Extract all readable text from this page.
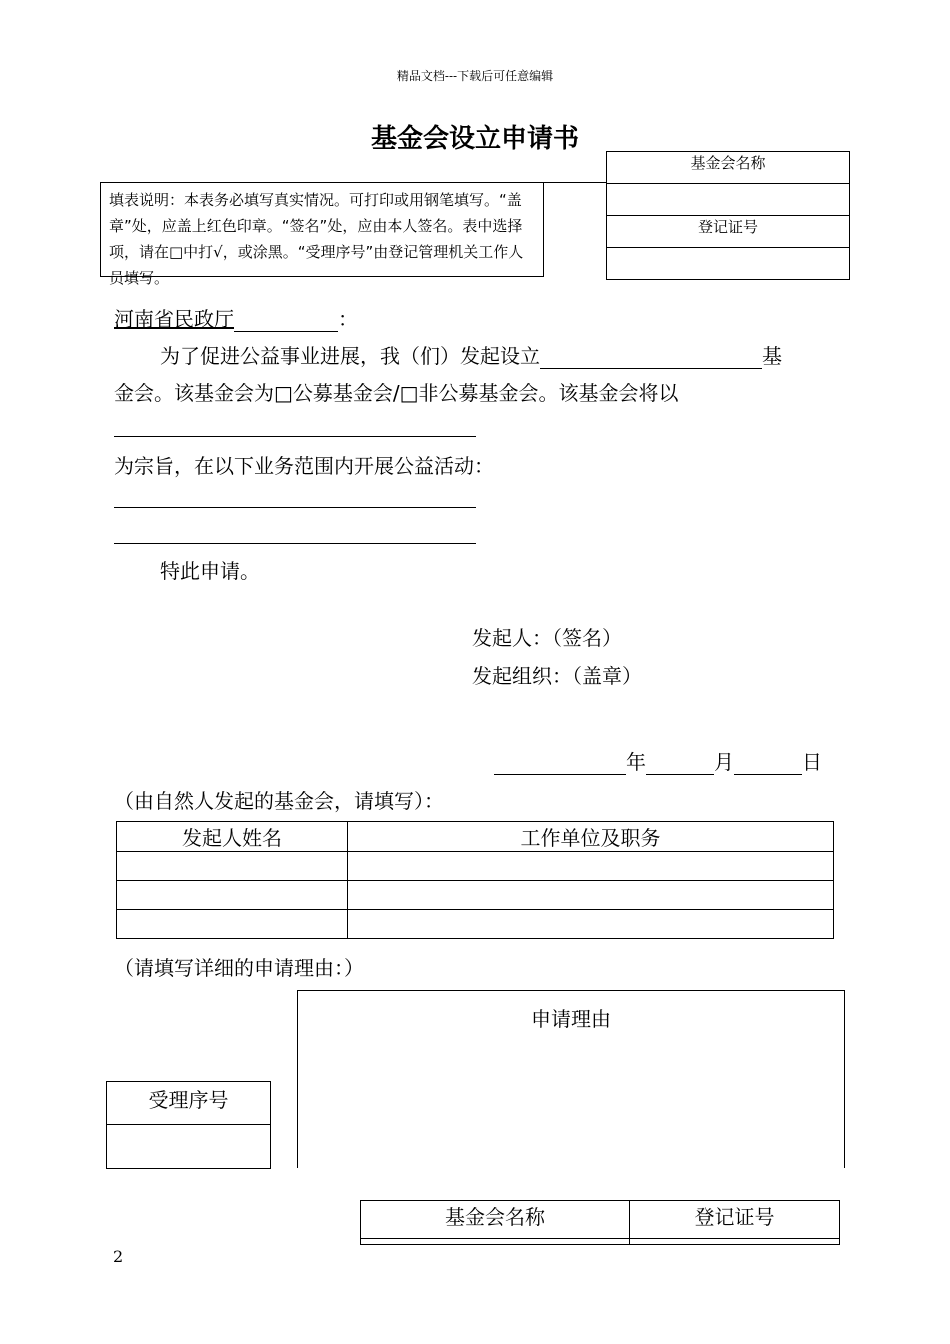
精品文档---下载后可任意编辑
基金会设立申请书
基金会名称

登记证号

填表说明：本表务必填写真实情况。可打印或用钢笔填写。“盖章”处，应盖上红色印章。“签名”处，应由本人签名。表中选择项，请在□中打√，或涂黑。“受理序号”由登记管理机关工作人员填写。
河南省民政厅	：
为了促进公益事业进展，我（们）发起设立	基
金会。该基金会为□公募基金会/□非公募基金会。该基金会将以
为宗旨，在以下业务范围内开展公益活动：
特此申请。
发起人：（签名）
发起组织：（盖章）
年	月	日
（由自然人发起的基金会，请填写）：
发起人姓名	工作单位及职务

（请填写详细的申请理由：）
申请理由
受理序号

基金会名称	登记证号

2
